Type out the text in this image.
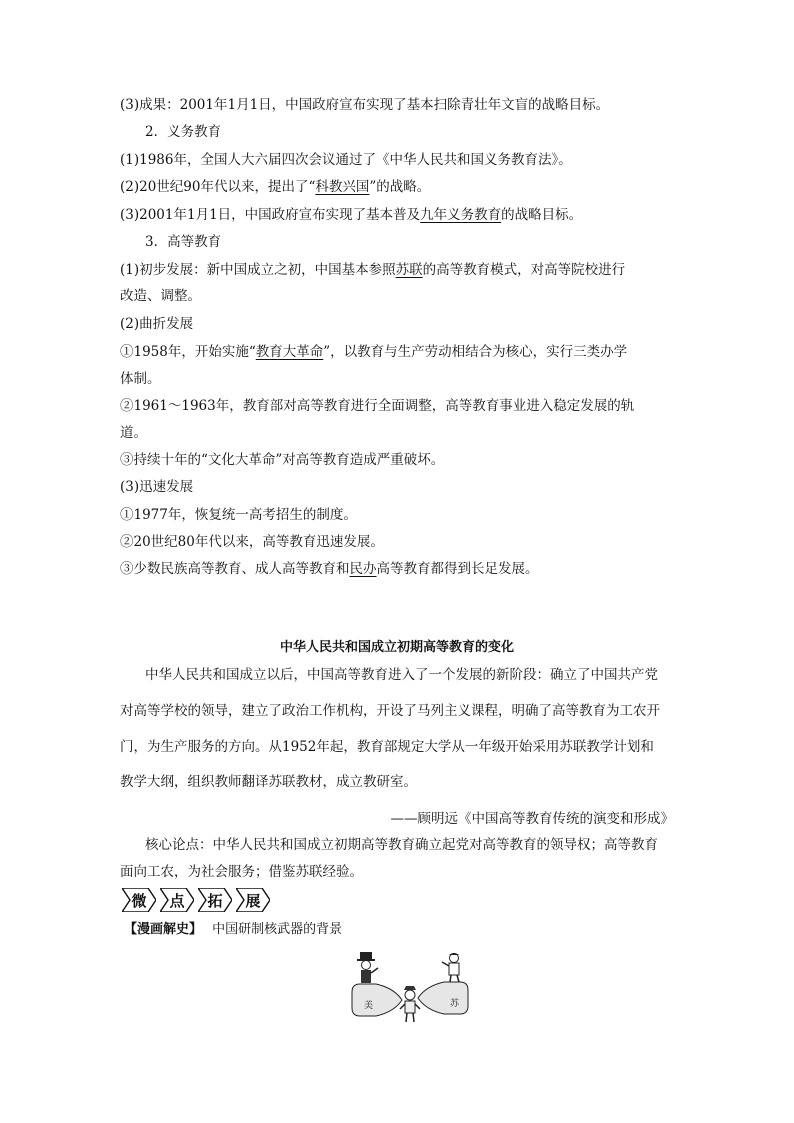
(3)成果：2001年1月1日，中国政府宣布实现了基本扫除青壮年文盲的战略目标。
2．义务教育
(1)1986年，全国人大六届四次会议通过了《中华人民共和国义务教育法》。
(2)20世纪90年代以来，提出了“科教兴国”的战略。
(3)2001年1月1日，中国政府宣布实现了基本普及九年义务教育的战略目标。
3．高等教育
(1)初步发展：新中国成立之初，中国基本参照苏联的高等教育模式，对高等院校进行
改造、调整。
(2)曲折发展
①1958年，开始实施“教育大革命”，以教育与生产劳动相结合为核心，实行三类办学
体制。
②1961～1963年，教育部对高等教育进行全面调整，高等教育事业进入稳定发展的轨
道。
③持续十年的“文化大革命”对高等教育造成严重破坏。
(3)迅速发展
①1977年，恢复统一高考招生的制度。
②20世纪80年代以来，高等教育迅速发展。
③少数民族高等教育、成人高等教育和民办高等教育都得到长足发展。
中华人民共和国成立初期高等教育的变化
中华人民共和国成立以后，中国高等教育进入了一个发展的新阶段：确立了中国共产党
对高等学校的领导，建立了政治工作机构，开设了马列主义课程，明确了高等教育为工农开
门，为生产服务的方向。从1952年起，教育部规定大学从一年级开始采用苏联教学计划和
教学大纲，组织教师翻译苏联教材，成立教研室。
——顾明远《中国高等教育传统的演变和形成》
核心论点：中华人民共和国成立初期高等教育确立起党对高等教育的领导权；高等教育
面向工农，为社会服务；借鉴苏联经验。
微 点 拓 展
【漫画解史】 中国研制核武器的背景
美	苏
